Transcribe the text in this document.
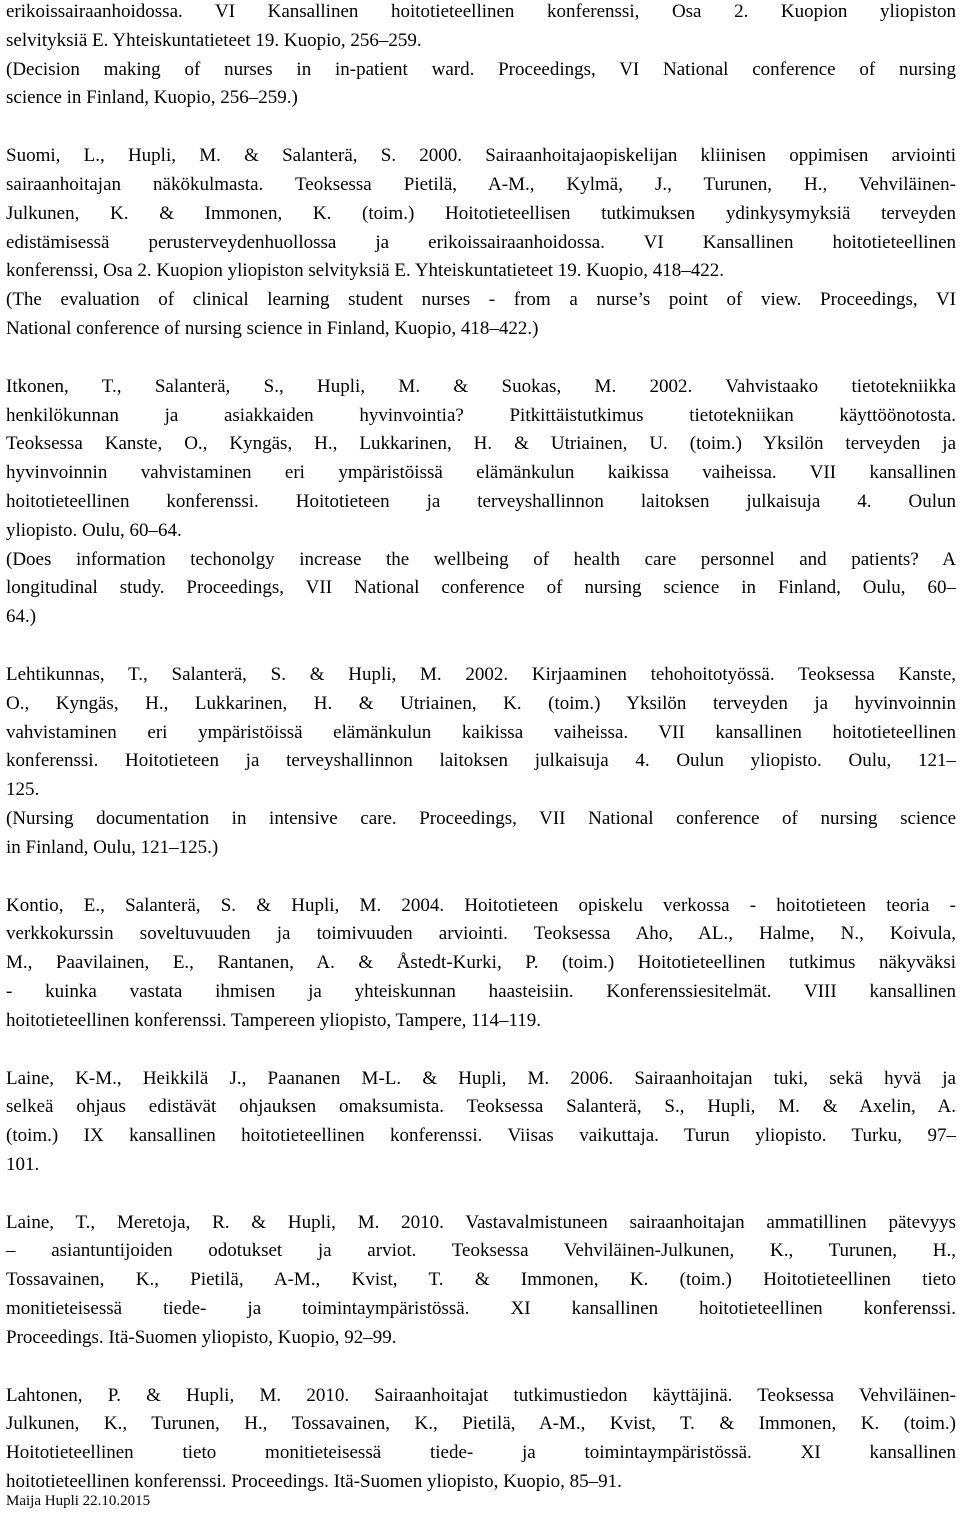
erikoissairaanhoidossa. VI Kansallinen hoitotieteellinen konferenssi, Osa 2. Kuopion yliopiston
selvityksiä E. Yhteiskuntatieteet 19. Kuopio, 256–259.
(Decision making of nurses in in-patient ward. Proceedings, VI National conference of nursing
science in Finland, Kuopio, 256–259.)
Suomi, L., Hupli, M. & Salanterä, S. 2000. Sairaanhoitajaopiskelijan kliinisen oppimisen arviointi
sairaanhoitajan näkökulmasta. Teoksessa Pietilä, A-M., Kylmä, J., Turunen, H., Vehviläinen-
Julkunen, K. & Immonen, K. (toim.) Hoitotieteellisen tutkimuksen ydinkysymyksiä terveyden
edistämisessä perusterveydenhuollossa ja erikoissairaanhoidossa. VI Kansallinen hoitotieteellinen
konferenssi, Osa 2. Kuopion yliopiston selvityksiä E. Yhteiskuntatieteet 19. Kuopio, 418–422.
(The evaluation of clinical learning student nurses - from a nurse’s point of view. Proceedings, VI
National conference of nursing science in Finland, Kuopio, 418–422.)
Itkonen, T., Salanterä, S., Hupli, M. & Suokas, M. 2002. Vahvistaako tietotekniikka
henkilökunnan ja asiakkaiden hyvinvointia? Pitkittäistutkimus tietotekniikan käyttöönotosta.
Teoksessa Kanste, O., Kyngäs, H., Lukkarinen, H. & Utriainen, U. (toim.) Yksilön terveyden ja
hyvinvoinnin vahvistaminen eri ympäristöissä elämänkulun kaikissa vaiheissa. VII kansallinen
hoitotieteellinen konferenssi. Hoitotieteen ja terveyshallinnon laitoksen julkaisuja 4. Oulun
yliopisto. Oulu, 60–64.
(Does information techonolgy increase the wellbeing of health care personnel and patients? A
longitudinal study. Proceedings, VII National conference of nursing science in Finland, Oulu, 60–
64.)
Lehtikunnas, T., Salanterä, S. & Hupli, M. 2002. Kirjaaminen tehohoitotyössä. Teoksessa Kanste,
O., Kyngäs, H., Lukkarinen, H. & Utriainen, K. (toim.) Yksilön terveyden ja hyvinvoinnin
vahvistaminen eri ympäristöissä elämänkulun kaikissa vaiheissa. VII kansallinen hoitotieteellinen
konferenssi. Hoitotieteen ja terveyshallinnon laitoksen julkaisuja 4. Oulun yliopisto. Oulu, 121–
125.
(Nursing documentation in intensive care. Proceedings, VII National conference of nursing science
in Finland, Oulu, 121–125.)
Kontio, E., Salanterä, S. & Hupli, M. 2004. Hoitotieteen opiskelu verkossa - hoitotieteen teoria -
verkkokurssin soveltuvuuden ja toimivuuden arviointi. Teoksessa Aho, AL., Halme, N., Koivula,
M., Paavilainen, E., Rantanen, A. & Åstedt-Kurki, P. (toim.) Hoitotieteellinen tutkimus näkyväksi
- kuinka vastata ihmisen ja yhteiskunnan haasteisiin. Konferenssiesitelmät. VIII kansallinen
hoitotieteellinen konferenssi. Tampereen yliopisto, Tampere, 114–119.
Laine, K-M., Heikkilä J., Paananen M-L. & Hupli, M. 2006. Sairaanhoitajan tuki, sekä hyvä ja
selkeä ohjaus edistävät ohjauksen omaksumista. Teoksessa Salanterä, S., Hupli, M. & Axelin, A.
(toim.) IX kansallinen hoitotieteellinen konferenssi. Viisas vaikuttaja. Turun yliopisto. Turku, 97–
101.
Laine, T., Meretoja, R. & Hupli, M. 2010. Vastavalmistuneen sairaanhoitajan ammatillinen pätevyys
– asiantuntijoiden odotukset ja arviot. Teoksessa Vehviläinen-Julkunen, K., Turunen, H.,
Tossavainen, K., Pietilä, A-M., Kvist, T. & Immonen, K. (toim.) Hoitotieteellinen tieto
monitieteisessä tiede- ja toimintaympäristössä. XI kansallinen hoitotieteellinen konferenssi.
Proceedings. Itä-Suomen yliopisto, Kuopio, 92–99.
Lahtonen, P. & Hupli, M. 2010. Sairaanhoitajat tutkimustiedon käyttäjinä. Teoksessa Vehviläinen-
Julkunen, K., Turunen, H., Tossavainen, K., Pietilä, A-M., Kvist, T. & Immonen, K. (toim.)
Hoitotieteellinen tieto monitieteisessä tiede- ja toimintaympäristössä. XI kansallinen
hoitotieteellinen konferenssi. Proceedings. Itä-Suomen yliopisto, Kuopio, 85–91.
Maija Hupli 22.10.2015
